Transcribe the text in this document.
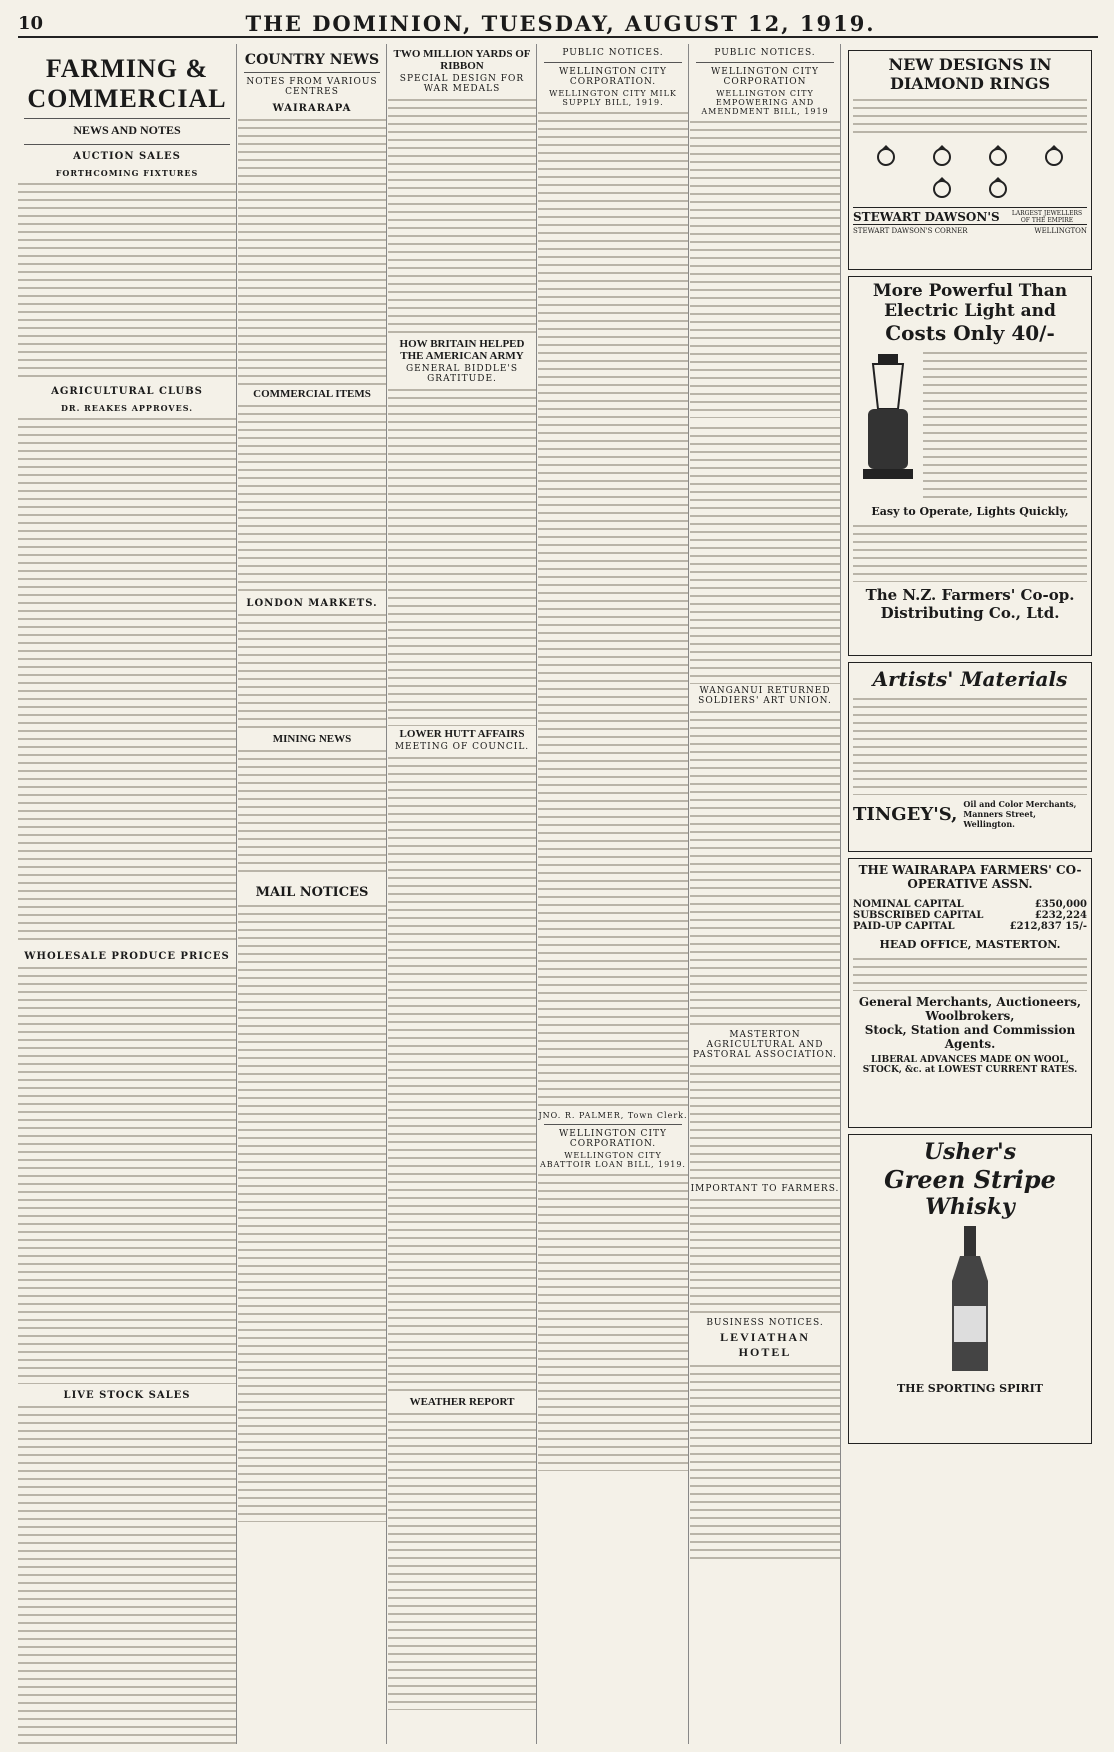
10	THE DOMINION, TUESDAY, AUGUST 12, 1919.
FARMING & COMMERCIAL
NEWS AND NOTES
AUCTION SALES
FORTHCOMING FIXTURES
AGRICULTURAL CLUBS
DR. REAKES APPROVES.
WHOLESALE PRODUCE PRICES
LIVE STOCK SALES
COUNTRY NEWS
NOTES FROM VARIOUS CENTRES
WAIRARAPA
COMMERCIAL ITEMS
LONDON MARKETS.
MINING NEWS
MAIL NOTICES
TWO MILLION YARDS OF RIBBON
SPECIAL DESIGN FOR WAR MEDALS
HOW BRITAIN HELPED THE AMERICAN ARMY
GENERAL BIDDLE'S GRATITUDE.
LOWER HUTT AFFAIRS
MEETING OF COUNCIL.
WEATHER REPORT
PUBLIC NOTICES.
WELLINGTON CITY CORPORATION.
WELLINGTON CITY MILK SUPPLY BILL, 1919.
JNO. R. PALMER, Town Clerk.
WELLINGTON CITY CORPORATION.
WELLINGTON CITY ABATTOIR LOAN BILL, 1919.
PUBLIC NOTICES.
WELLINGTON CITY CORPORATION
WELLINGTON CITY EMPOWERING AND AMENDMENT BILL, 1919
WANGANUI RETURNED SOLDIERS' ART UNION.
MASTERTON AGRICULTURAL AND PASTORAL ASSOCIATION.
IMPORTANT TO FARMERS.
BUSINESS NOTICES.
LEVIATHAN HOTEL
NEW DESIGNS IN DIAMOND RINGS
STEWART DAWSON'S	LARGEST JEWELLERS OF THE EMPIRE
STEWART DAWSON'S CORNER	WELLINGTON
More Powerful Than
Electric Light and
Costs Only 40/-
Easy to Operate, Lights Quickly,
The N.Z. Farmers' Co-op. Distributing Co., Ltd.
Artists' Materials
TINGEY'S, Oil and Color Merchants, Manners Street, Wellington.
THE WAIRARAPA FARMERS' CO-OPERATIVE ASSN.
NOMINAL CAPITAL	£350,000
SUBSCRIBED CAPITAL	£232,224
PAID-UP CAPITAL	£212,837 15/-
HEAD OFFICE, MASTERTON.
General Merchants, Auctioneers, Woolbrokers,
Stock, Station and Commission Agents.
LIBERAL ADVANCES MADE ON WOOL, STOCK, &c. at LOWEST CURRENT RATES.
Usher's
Green Stripe
Whisky
THE SPORTING SPIRIT
